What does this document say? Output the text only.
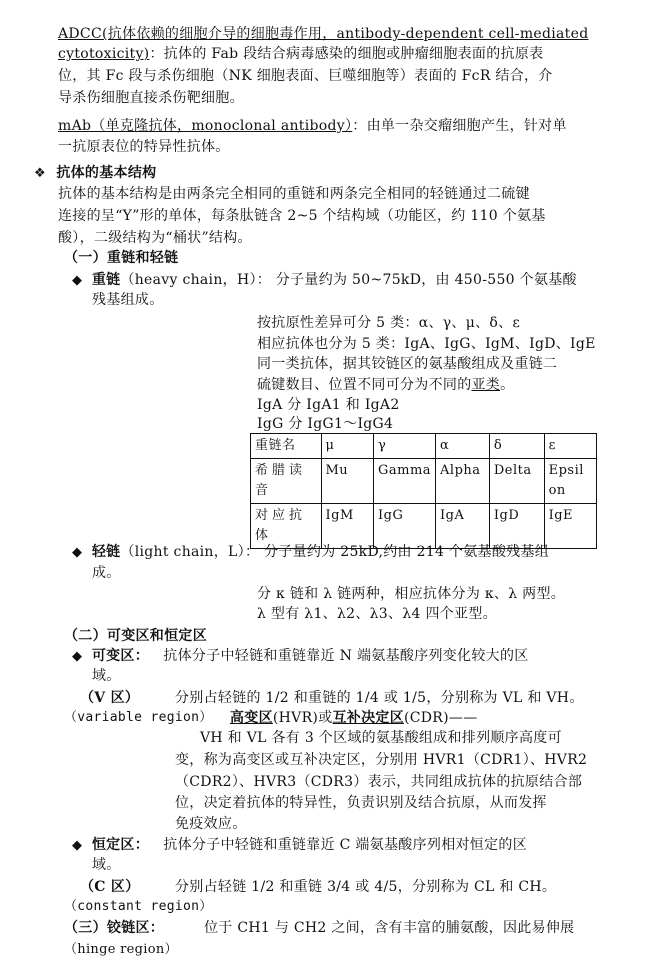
ADCC(抗体依赖的细胞介导的细胞毒作用，antibody-dependent cell-mediated
cytotoxicity)：抗体的 Fab 段结合病毒感染的细胞或肿瘤细胞表面的抗原表
位，其 Fc 段与杀伤细胞（NK 细胞表面、巨噬细胞等）表面的 FcR 结合，介
导杀伤细胞直接杀伤靶细胞。
mAb（单克隆抗体，monoclonal antibody）：由单一杂交瘤细胞产生，针对单
一抗原表位的特异性抗体。
❖ 抗体的基本结构
抗体的基本结构是由两条完全相同的重链和两条完全相同的轻链通过二硫键
连接的呈“Y”形的单体，每条肽链含 2~5 个结构域（功能区，约 110 个氨基
酸），二级结构为“桶状”结构。
（一）重链和轻链
◆ 重链（heavy chain，H）： 分子量约为 50~75kD，由 450-550 个氨基酸
残基组成。
按抗原性差异可分 5 类：α、γ、μ、δ、ε
相应抗体也分为 5 类：IgA、IgG、IgM、IgD、IgE
同一类抗体，据其铰链区的氨基酸组成及重链二
硫键数目、位置不同可分为不同的亚类。
IgA 分 IgA1 和 IgA2
IgG 分 IgG1～IgG4
重链名	μ	γ	α	δ	ε
希腊读音	Mu	Gamma	Alpha	Delta	Epsilon
对应抗体	IgM	IgG	IgA	IgD	IgE
◆ 轻链（light chain，L）： 分子量约为 25kD,约由 214 个氨基酸残基组
成。
分 κ 链和 λ 链两种，相应抗体分为 κ、λ 两型。
λ 型有 λ1、λ2、λ3、λ4 四个亚型。
（二）可变区和恒定区
◆ 可变区： 抗体分子中轻链和重链靠近 N 端氨基酸序列变化较大的区
域。
（V 区）	分别占轻链的 1/2 和重链的 1/4 或 1/5，分别称为 VL 和 VH。
（variable region） 高变区(HVR)或互补决定区(CDR)——
VH 和 VL 各有 3 个区域的氨基酸组成和排列顺序高度可
变，称为高变区或互补决定区，分别用 HVR1（CDR1）、HVR2
（CDR2）、HVR3（CDR3）表示，共同组成抗体的抗原结合部
位，决定着抗体的特异性，负责识别及结合抗原，从而发挥
免疫效应。
◆ 恒定区： 抗体分子中轻链和重链靠近 C 端氨基酸序列相对恒定的区
域。
（C 区）	分别占轻链 1/2 和重链 3/4 或 4/5，分别称为 CL 和 CH。
（constant region）
（三）铰链区：	位于 CH1 与 CH2 之间，含有丰富的脯氨酸，因此易伸展
（hinge region）
